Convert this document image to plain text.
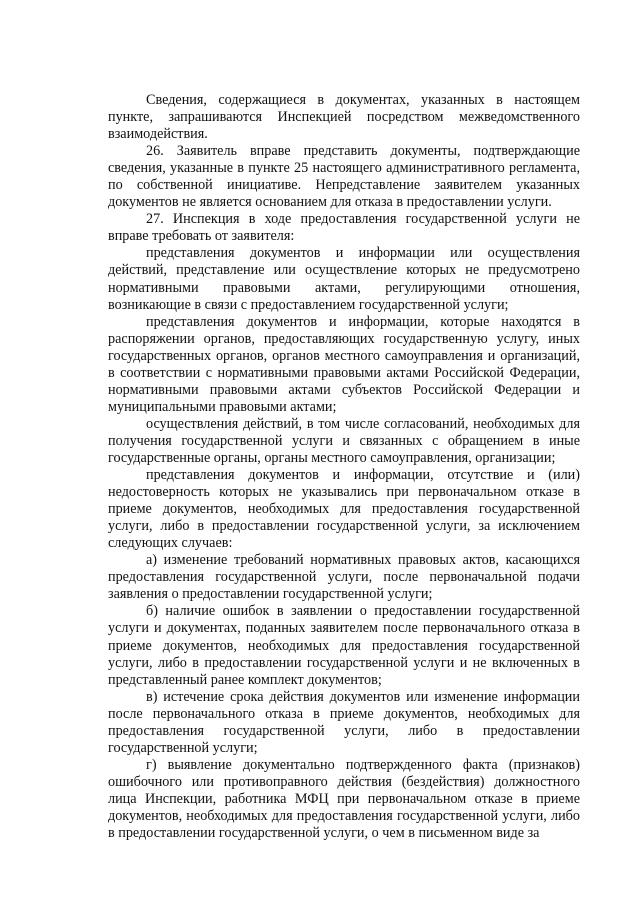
Сведения, содержащиеся в документах, указанных в настоящем пункте, запрашиваются Инспекцией посредством межведомственного взаимодействия.

26. Заявитель вправе представить документы, подтверждающие сведения, указанные в пункте 25 настоящего административного регламента, по собственной инициативе. Непредставление заявителем указанных документов не является основанием для отказа в предоставлении услуги.

27. Инспекция в ходе предоставления государственной услуги не вправе требовать от заявителя:

представления документов и информации или осуществления действий, представление или осуществление которых не предусмотрено нормативными правовыми актами, регулирующими отношения, возникающие в связи с предоставлением государственной услуги;

представления документов и информации, которые находятся в распоряжении органов, предоставляющих государственную услугу, иных государственных органов, органов местного самоуправления и организаций, в соответствии с нормативными правовыми актами Российской Федерации, нормативными правовыми актами субъектов Российской Федерации и муниципальными правовыми актами;

осуществления действий, в том числе согласований, необходимых для получения государственной услуги и связанных с обращением в иные государственные органы, органы местного самоуправления, организации;

представления документов и информации, отсутствие и (или) недостоверность которых не указывались при первоначальном отказе в приеме документов, необходимых для предоставления государственной услуги, либо в предоставлении государственной услуги, за исключением следующих случаев:

а) изменение требований нормативных правовых актов, касающихся предоставления государственной услуги, после первоначальной подачи заявления о предоставлении государственной услуги;

б) наличие ошибок в заявлении о предоставлении государственной услуги и документах, поданных заявителем после первоначального отказа в приеме документов, необходимых для предоставления государственной услуги, либо в предоставлении государственной услуги и не включенных в представленный ранее комплект документов;

в) истечение срока действия документов или изменение информации после первоначального отказа в приеме документов, необходимых для предоставления государственной услуги, либо в предоставлении государственной услуги;

г) выявление документально подтвержденного факта (признаков) ошибочного или противоправного действия (бездействия) должностного лица Инспекции, работника МФЦ при первоначальном отказе в приеме документов, необходимых для предоставления государственной услуги, либо в предоставлении государственной услуги, о чем в письменном виде за
